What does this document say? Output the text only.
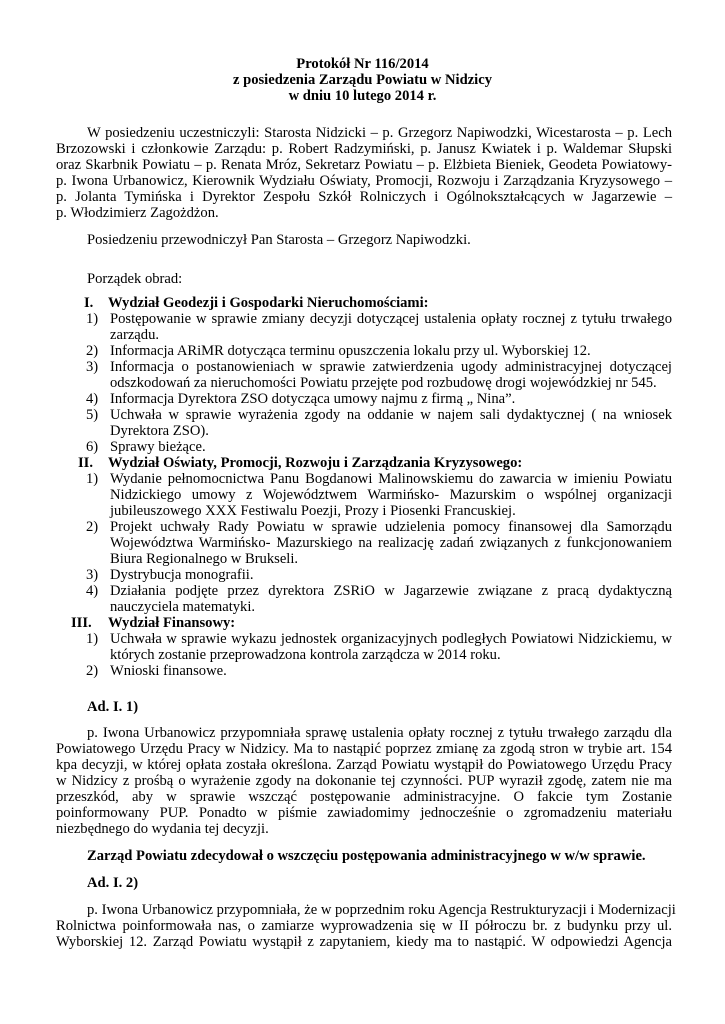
Protokół Nr 116/2014
z posiedzenia Zarządu Powiatu w Nidzicy
w dniu 10 lutego 2014 r.
W posiedzeniu uczestniczyli: Starosta Nidzicki – p. Grzegorz Napiwodzki, Wicestarosta – p. Lech
Brzozowski i członkowie Zarządu: p. Robert Radzymiński, p. Janusz Kwiatek i p. Waldemar Słupski
oraz Skarbnik Powiatu – p. Renata Mróz, Sekretarz Powiatu – p. Elżbieta Bieniek, Geodeta Powiatowy-
p. Iwona Urbanowicz, Kierownik Wydziału Oświaty, Promocji, Rozwoju i Zarządzania Kryzysowego –
p. Jolanta Tymińska i Dyrektor Zespołu Szkół Rolniczych i Ogólnokształcących w Jagarzewie –
p. Włodzimierz Zagożdżon.
Posiedzeniu przewodniczył Pan Starosta – Grzegorz Napiwodzki.
Porządek obrad:
I. Wydział Geodezji i Gospodarki Nieruchomościami:
1) Postępowanie w sprawie zmiany decyzji dotyczącej ustalenia opłaty rocznej z tytułu trwałego
zarządu.
2) Informacja ARiMR dotycząca terminu opuszczenia lokalu przy ul. Wyborskiej 12.
3) Informacja o postanowieniach w sprawie zatwierdzenia ugody administracyjnej dotyczącej
odszkodowań za nieruchomości Powiatu przejęte pod rozbudowę drogi wojewódzkiej nr 545.
4) Informacja Dyrektora ZSO dotycząca umowy najmu z firmą „ Nina”.
5) Uchwała w sprawie wyrażenia zgody na oddanie w najem sali dydaktycznej ( na wniosek
Dyrektora ZSO).
6) Sprawy bieżące.
II. Wydział Oświaty, Promocji, Rozwoju i Zarządzania Kryzysowego:
1) Wydanie pełnomocnictwa Panu Bogdanowi Malinowskiemu do zawarcia w imieniu Powiatu
Nidzickiego umowy z Województwem Warmińsko- Mazurskim o wspólnej organizacji
jubileuszowego XXX Festiwalu Poezji, Prozy i Piosenki Francuskiej.
2) Projekt uchwały Rady Powiatu w sprawie udzielenia pomocy finansowej dla Samorządu
Województwa Warmińsko- Mazurskiego na realizację zadań związanych z funkcjonowaniem
Biura Regionalnego w Brukseli.
3) Dystrybucja monografii.
4) Działania podjęte przez dyrektora ZSRiO w Jagarzewie związane z pracą dydaktyczną
nauczyciela matematyki.
III. Wydział Finansowy:
1) Uchwała w sprawie wykazu jednostek organizacyjnych podległych Powiatowi Nidzickiemu, w
których zostanie przeprowadzona kontrola zarządcza w 2014 roku.
2) Wnioski finansowe.
Ad. I. 1)
p. Iwona Urbanowicz przypomniała sprawę ustalenia opłaty rocznej z tytułu trwałego zarządu dla
Powiatowego Urzędu Pracy w Nidzicy. Ma to nastąpić poprzez zmianę za zgodą stron w trybie art. 154
kpa decyzji, w której opłata została określona. Zarząd Powiatu wystąpił do Powiatowego Urzędu Pracy
w Nidzicy z prośbą o wyrażenie zgody na dokonanie tej czynności. PUP wyraził zgodę, zatem nie ma
przeszkód, aby w sprawie wszcząć postępowanie administracyjne. O fakcie tym Zostanie
poinformowany PUP. Ponadto w piśmie zawiadomimy jednocześnie o zgromadzeniu materiału
niezbędnego do wydania tej decyzji.
Zarząd Powiatu zdecydował o wszczęciu postępowania administracyjnego w w/w sprawie.
Ad. I. 2)
p. Iwona Urbanowicz przypomniała, że w poprzednim roku Agencja Restrukturyzacji i Modernizacji
Rolnictwa poinformowała nas, o zamiarze wyprowadzenia się w II półroczu br. z budynku przy ul.
Wyborskiej 12. Zarząd Powiatu wystąpił z zapytaniem, kiedy ma to nastąpić. W odpowiedzi Agencja
